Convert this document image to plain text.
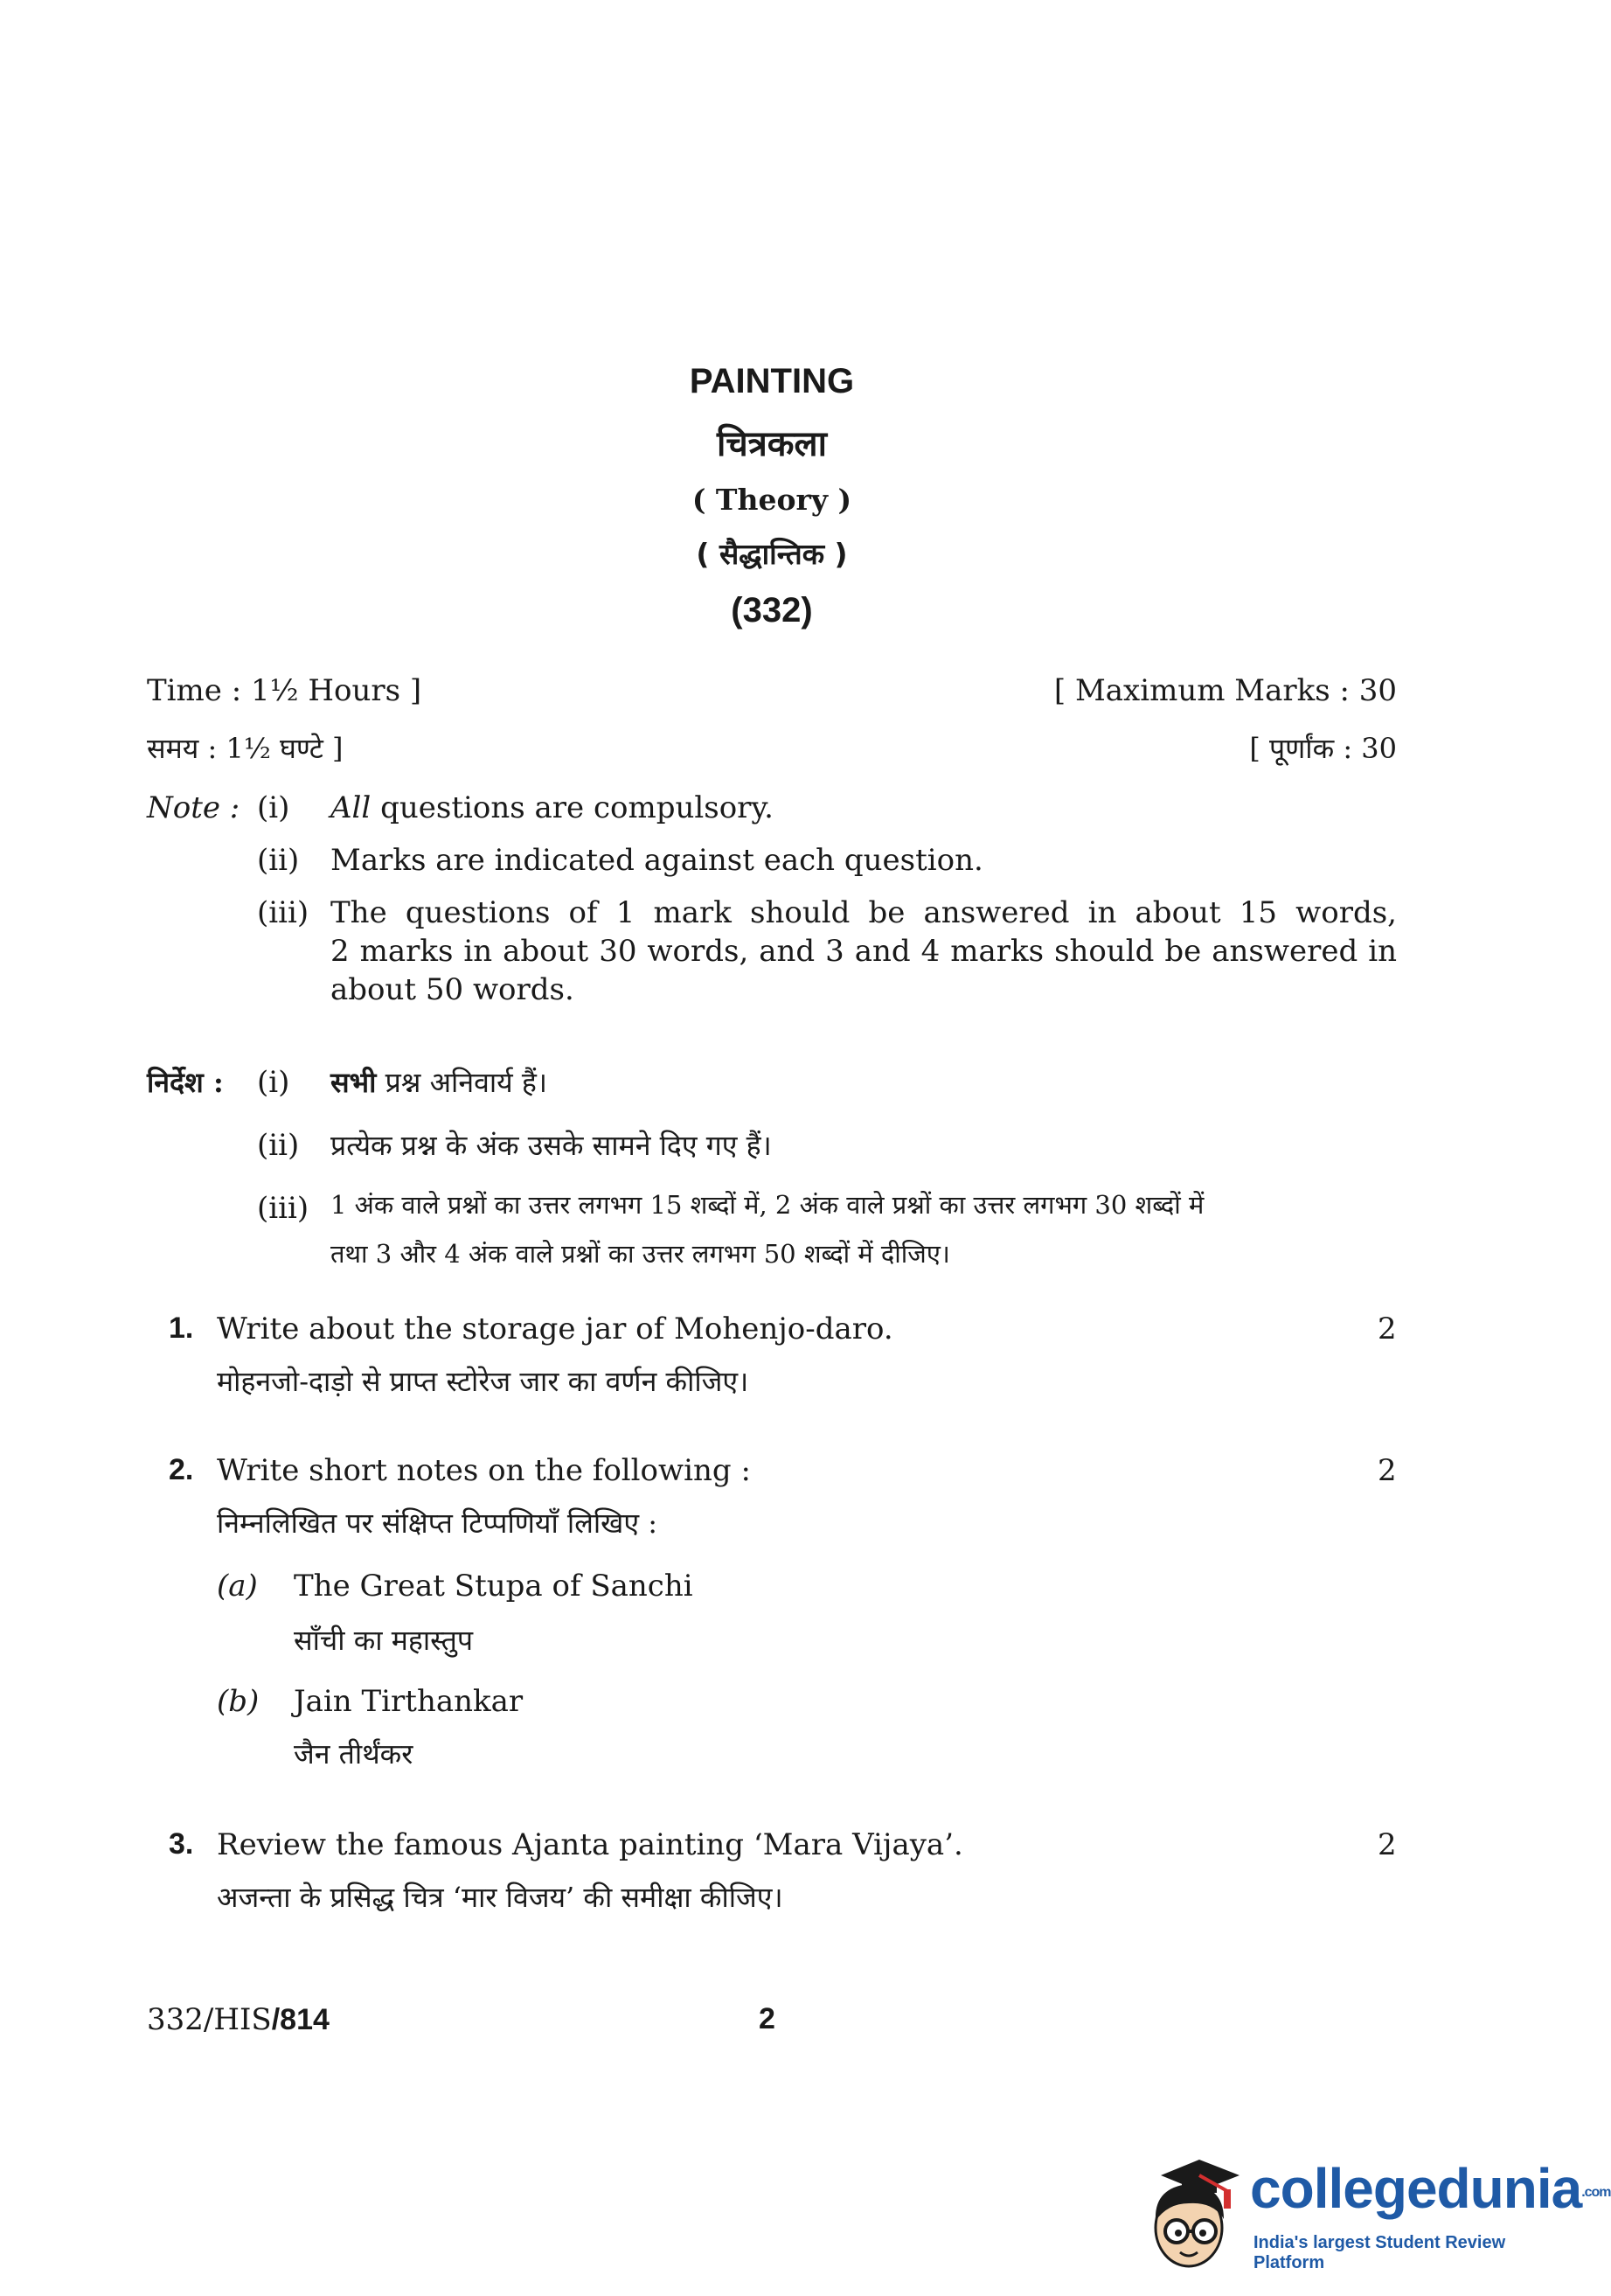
PAINTING
चित्रकला
( Theory )
( सैद्धान्तिक )
(332)
Time : 1½ Hours ]	[ Maximum Marks : 30
समय : 1½ घण्टे ]	[ पूर्णांक : 30
Note : (i) All questions are compulsory.
(ii) Marks are indicated against each question.
(iii) The questions of 1 mark should be answered in about 15 words,
2 marks in about 30 words, and 3 and 4 marks should be answered in
about 50 words.
निर्देश : (i) सभी प्रश्न अनिवार्य हैं।
(ii) प्रत्येक प्रश्न के अंक उसके सामने दिए गए हैं।
(iii) 1 अंक वाले प्रश्नों का उत्तर लगभग 15 शब्दों में, 2 अंक वाले प्रश्नों का उत्तर लगभग 30 शब्दों में
तथा 3 और 4 अंक वाले प्रश्नों का उत्तर लगभग 50 शब्दों में दीजिए।
1. Write about the storage jar of Mohenjo-daro.	2
मोहनजो-दाड़ो से प्राप्त स्टोरेज जार का वर्णन कीजिए।
2. Write short notes on the following :	2
निम्नलिखित पर संक्षिप्त टिप्पणियाँ लिखिए :
(a) The Great Stupa of Sanchi
साँची का महास्तुप
(b) Jain Tirthankar
जैन तीर्थंकर
3. Review the famous Ajanta painting ‘Mara Vijaya’.	2
अजन्ता के प्रसिद्ध चित्र ‘मार विजय’ की समीक्षा कीजिए।
332/HIS/814	2
collegedunia.com
India's largest Student Review Platform
